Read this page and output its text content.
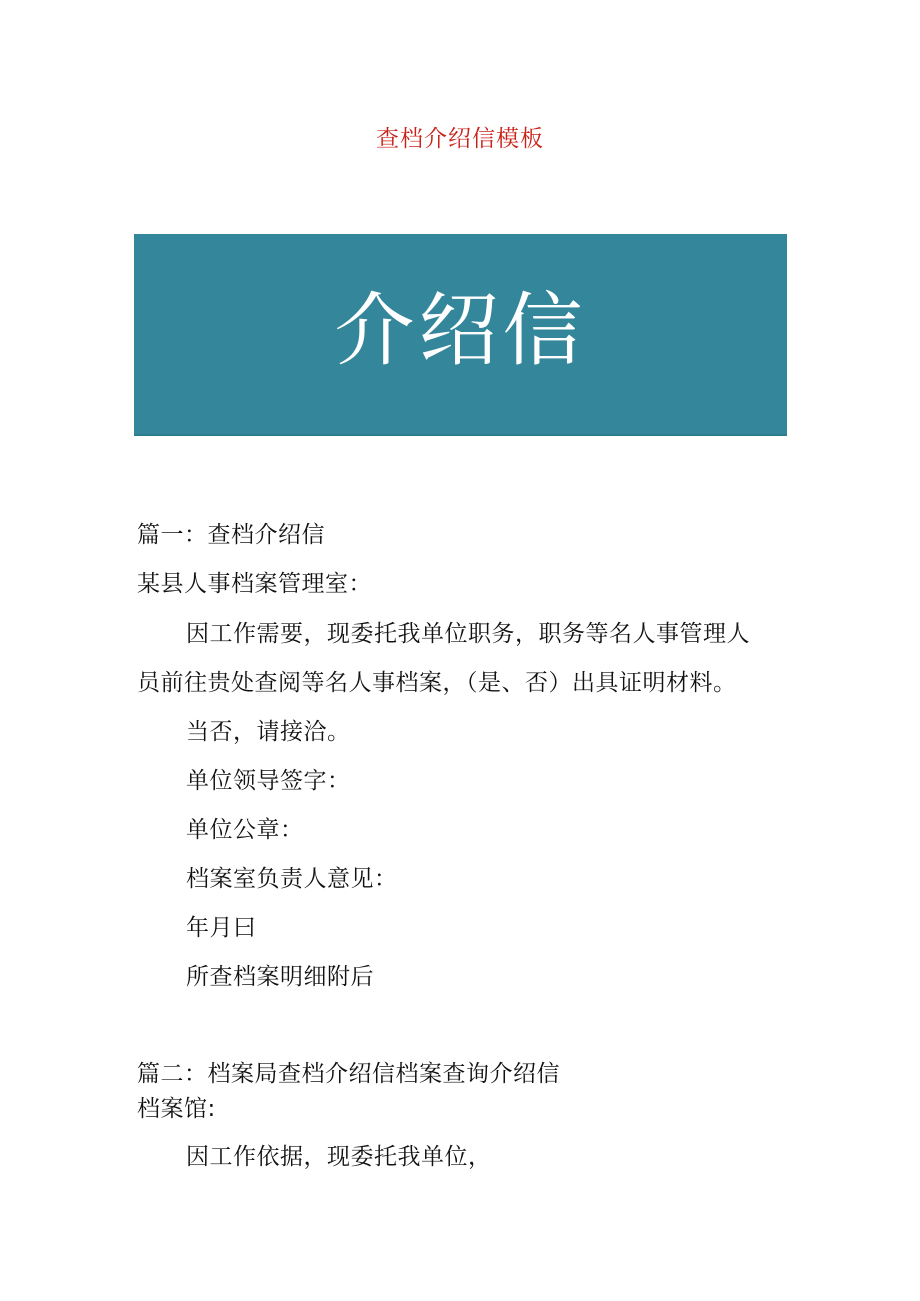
查档介绍信模板
介绍信
篇一：查档介绍信
某县人事档案管理室：
因工作需要，现委托我单位职务，职务等名人事管理人
员前往贵处查阅等名人事档案，（是、否）出具证明材料。
当否，请接洽。
单位领导签字：
单位公章：
档案室负责人意见：
年月曰
所查档案明细附后
篇二：档案局查档介绍信档案查询介绍信
档案馆:
因工作依据，现委托我单位，
